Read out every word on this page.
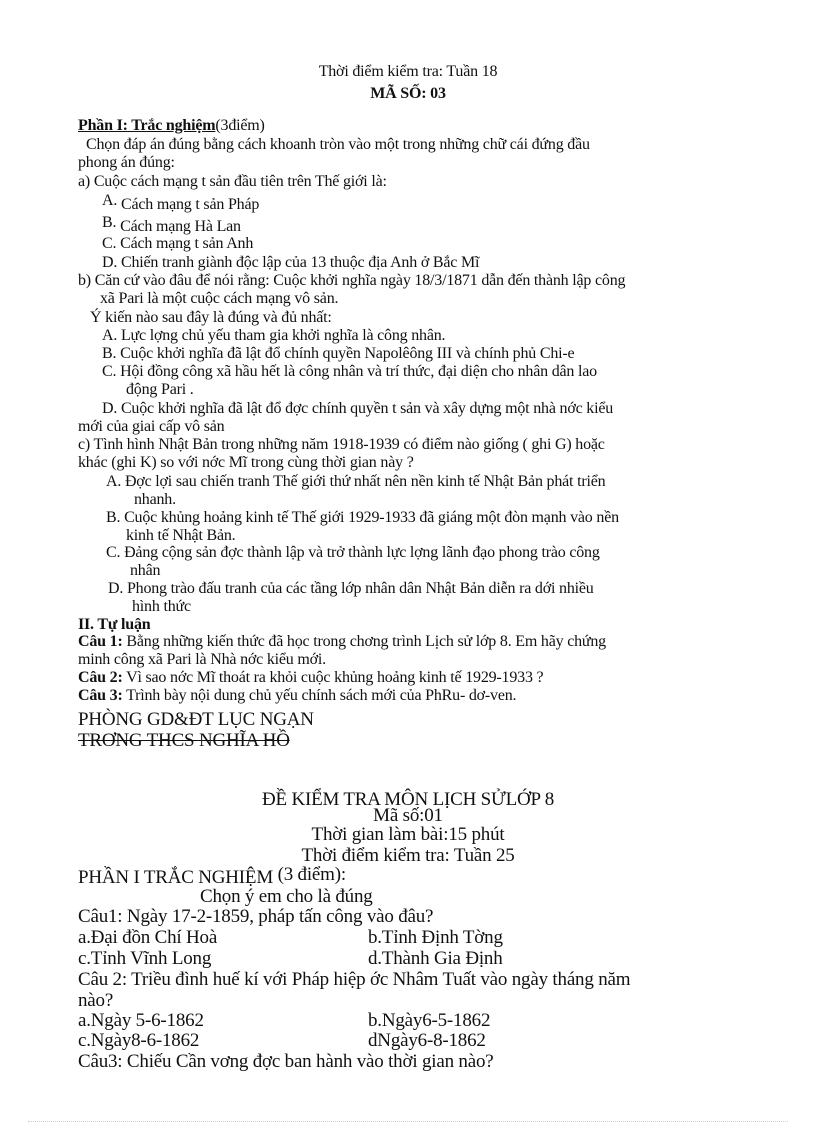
Thời điểm kiểm tra: Tuần 18
MÃ SỐ: 03
Phần I: Trắc nghiệm(3điểm)
Chọn đáp án đúng bằng cách khoanh tròn vào một trong những chữ cái đứng đầu
phong án đúng:
a) Cuộc cách mạng t sản đầu tiên trên Thế giới là:
A. Cách mạng t sản Pháp
B. Cách mạng Hà Lan
C. Cách mạng t sản Anh
D. Chiến tranh giành độc lập của 13 thuộc địa Anh ở Bắc Mĩ
b) Căn cứ vào đâu để nói rằng: Cuộc khởi nghĩa ngày 18/3/1871 dẫn đến thành lập công
xã Pari là một cuộc cách mạng vô sản.
Ý kiến nào sau đây là đúng và đủ nhất:
A. Lực lợng chủ yếu tham gia khởi nghĩa là công nhân.
B. Cuộc khởi nghĩa đã lật đổ chính quyền Napolêông III và chính phủ Chi-e
C. Hội đồng công xã hầu hết là công nhân và trí thức, đại diện cho nhân dân lao
động Pari .
D. Cuộc khởi nghĩa đã lật đổ đợc chính quyền t sản và xây dựng một nhà nớc kiểu
mới của giai cấp vô sản
c) Tình hình Nhật Bản trong những năm 1918-1939 có điểm nào giống ( ghi G) hoặc
khác (ghi K) so với nớc Mĩ trong cùng thời gian này ?
A. Đợc lợi sau chiến tranh Thế giới thứ nhất nên nền kinh tế Nhật Bản phát triển
nhanh.
B. Cuộc khủng hoảng kinh tế Thế giới 1929-1933 đã giáng một đòn mạnh vào nền
kinh tế Nhật Bản.
C. Đảng cộng sản đợc thành lập và trở thành lực lợng lãnh đạo phong trào công
nhân
D. Phong trào đấu tranh của các tầng lớp nhân dân Nhật Bản diễn ra dới nhiều
hình thức
II. Tự luận
Câu 1: Bằng những kiến thức đã học trong chơng trình Lịch sử lớp 8. Em hãy chứng
minh công xã Pari là Nhà nớc kiểu mới.
Câu 2: Vì sao nớc Mĩ thoát ra khỏi cuộc khủng hoảng kinh tế 1929-1933 ?
Câu 3: Trình bày nội dung chủ yếu chính sách mới của PhRu- dơ-ven.
PHÒNG GD&ĐT LỤC NGẠN
TRƠNG THCS NGHĨA HỒ
ĐỀ KIỂM TRA MÔN LỊCH SỬLỚP 8
Mã số:01
Thời gian làm bài:15 phút
Thời điểm kiểm tra: Tuần 25
PHẦN I TRẮC NGHIỆM (3 điểm):
Chọn ý em cho là đúng
Câu1: Ngày 17-2-1859, pháp tấn công vào đâu?
a.Đại đồn Chí Hoà	b.Tỉnh Định Tờng
c.Tỉnh Vĩnh Long	d.Thành Gia Định
Câu 2: Triều đình huế kí với Pháp hiệp ớc Nhâm Tuất vào ngày tháng năm
nào?
a.Ngày 5-6-1862	b.Ngày6-5-1862
c.Ngày8-6-1862	dNgày6-8-1862
Câu3: Chiếu Cần vơng đợc ban hành vào thời gian nào?
